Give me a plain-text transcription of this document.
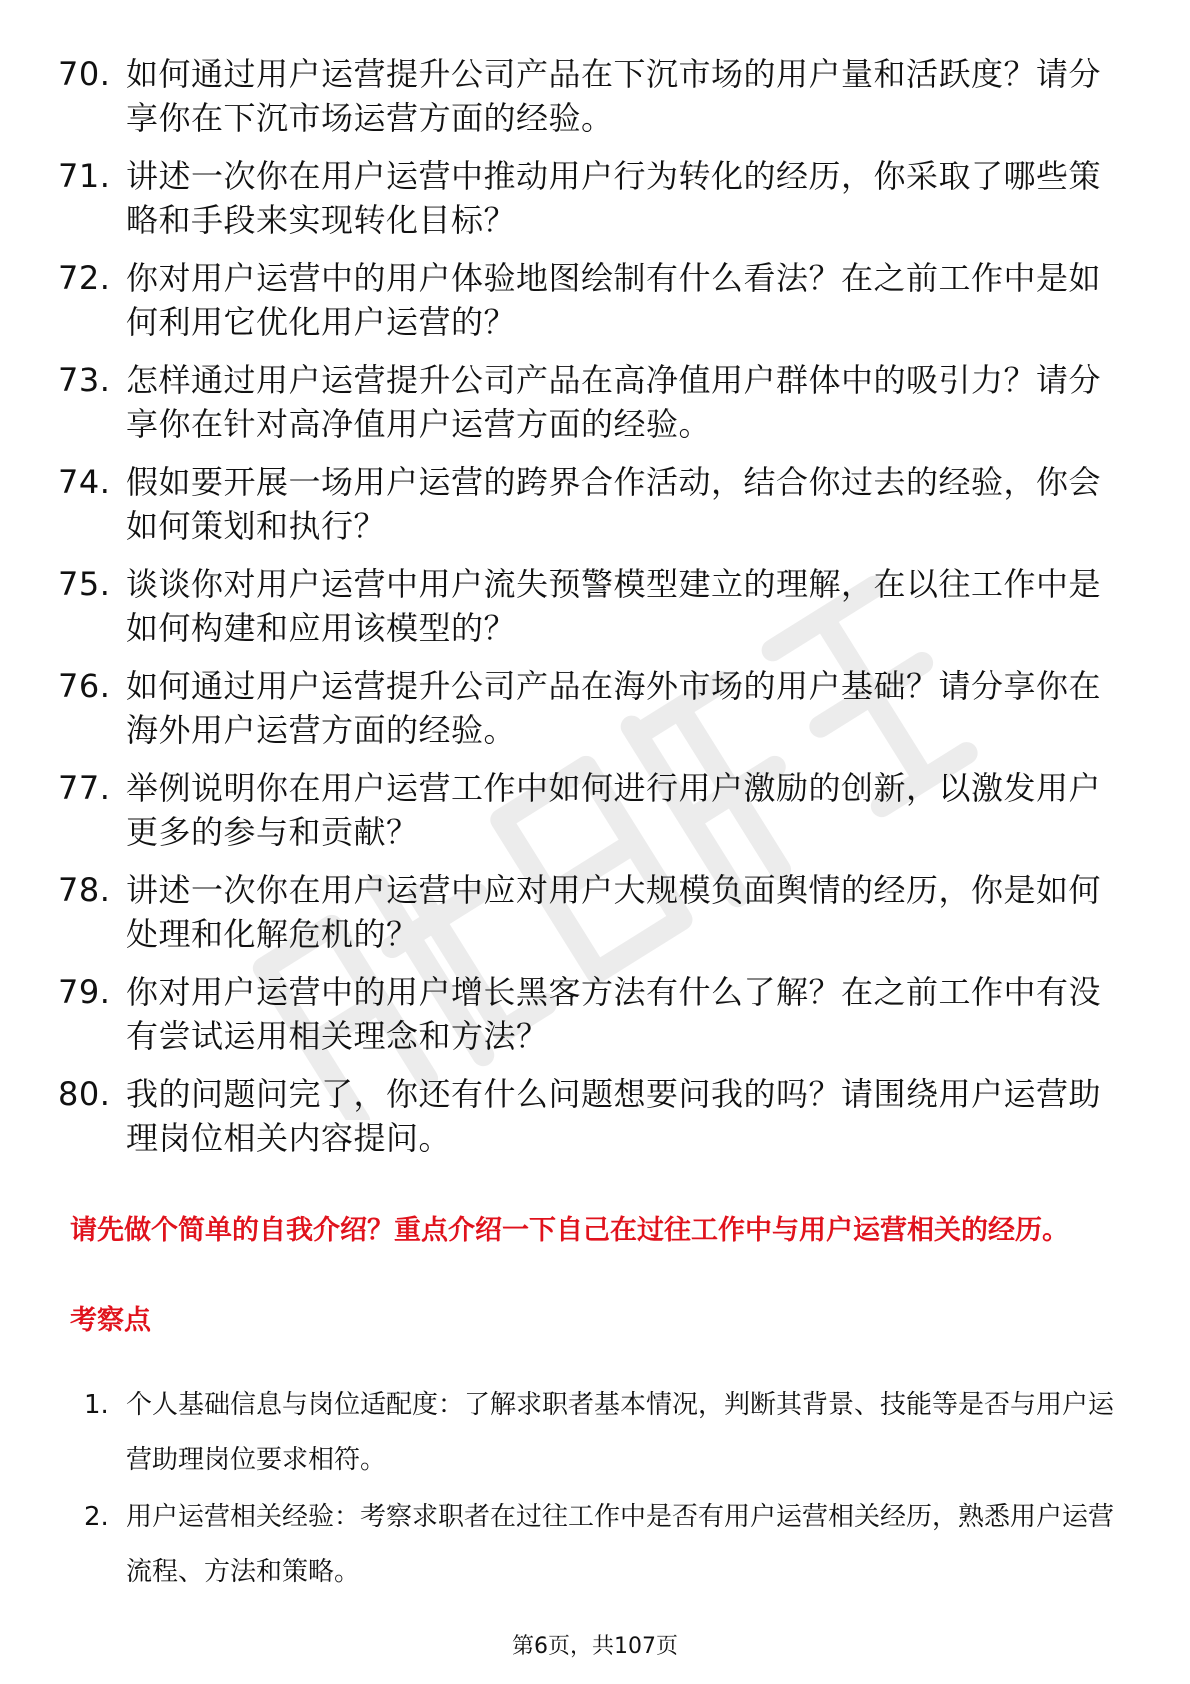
70. 如何通过用户运营提升公司产品在下沉市场的用户量和活跃度？请分享你在下沉市场运营方面的经验。
71. 讲述一次你在用户运营中推动用户行为转化的经历，你采取了哪些策略和手段来实现转化目标？
72. 你对用户运营中的用户体验地图绘制有什么看法？在之前工作中是如何利用它优化用户运营的？
73. 怎样通过用户运营提升公司产品在高净值用户群体中的吸引力？请分享你在针对高净值用户运营方面的经验。
74. 假如要开展一场用户运营的跨界合作活动，结合你过去的经验，你会如何策划和执行？
75. 谈谈你对用户运营中用户流失预警模型建立的理解，在以往工作中是如何构建和应用该模型的？
76. 如何通过用户运营提升公司产品在海外市场的用户基础？请分享你在海外用户运营方面的经验。
77. 举例说明你在用户运营工作中如何进行用户激励的创新，以激发用户更多的参与和贡献？
78. 讲述一次你在用户运营中应对用户大规模负面舆情的经历，你是如何处理和化解危机的？
79. 你对用户运营中的用户增长黑客方法有什么了解？在之前工作中有没有尝试运用相关理念和方法？
80. 我的问题问完了，你还有什么问题想要问我的吗？请围绕用户运营助理岗位相关内容提问。
请先做个简单的自我介绍？重点介绍一下自己在过往工作中与用户运营相关的经历。
考察点
1. 个人基础信息与岗位适配度：了解求职者基本情况，判断其背景、技能等是否与用户运营助理岗位要求相符。
2. 用户运营相关经验：考察求职者在过往工作中是否有用户运营相关经历，熟悉用户运营流程、方法和策略。
第6页，共107页
